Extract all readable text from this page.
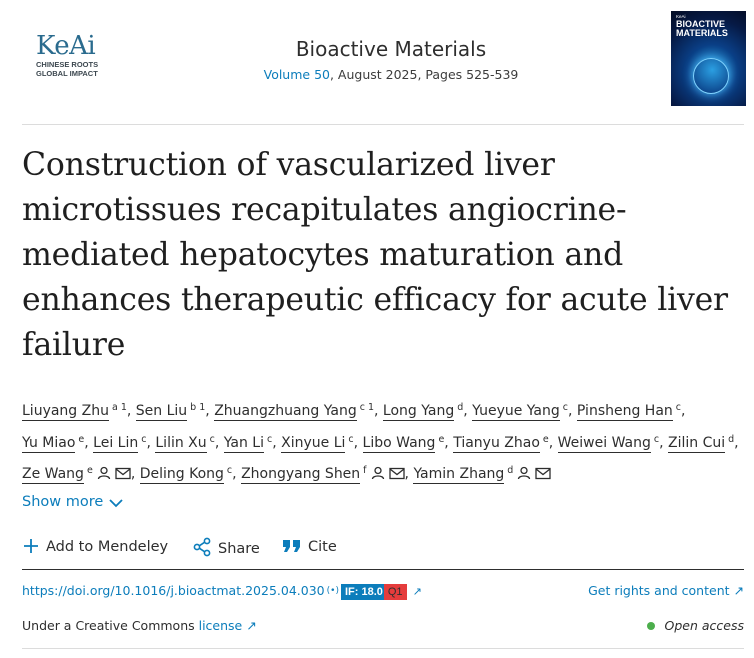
KeAi
CHINESE ROOTS
GLOBAL IMPACT
Bioactive Materials
Volume 50, August 2025, Pages 525-539
KeAi
BIOACTIVE MATERIALS
Construction of vascularized liver microtissues recapitulates angiocrine-mediated hepatocytes maturation and enhances therapeutic efficacy for acute liver failure
Liuyang Zhu $^{a 1}$, Sen Liu $^{b 1}$, Zhuangzhuang Yang $^{c 1}$, Long Yang $^d$, Yueyue Yang $^c$, Pinsheng Han $^c$, Yu Miao $^e$, Lei Lin $^c$, Lilin Xu $^c$, Yan Li $^c$, Xinyue Li $^c$, Libo Wang $^e$, Tianyu Zhao $^e$, Weiwei Wang $^c$, Zilin Cui $^d$, Ze Wang $^e$	, Deling Kong $^c$, Zhongyang Shen $^f$	, Yamin Zhang $^d$
Show more
Add to Mendeley	Share	Cite
https://doi.org/10.1016/j.bioactmat.2025.04.030 (•) IF: 18.0 Q1 ↗	Get rights and content ↗
Under a Creative Commons license ↗	Open access
